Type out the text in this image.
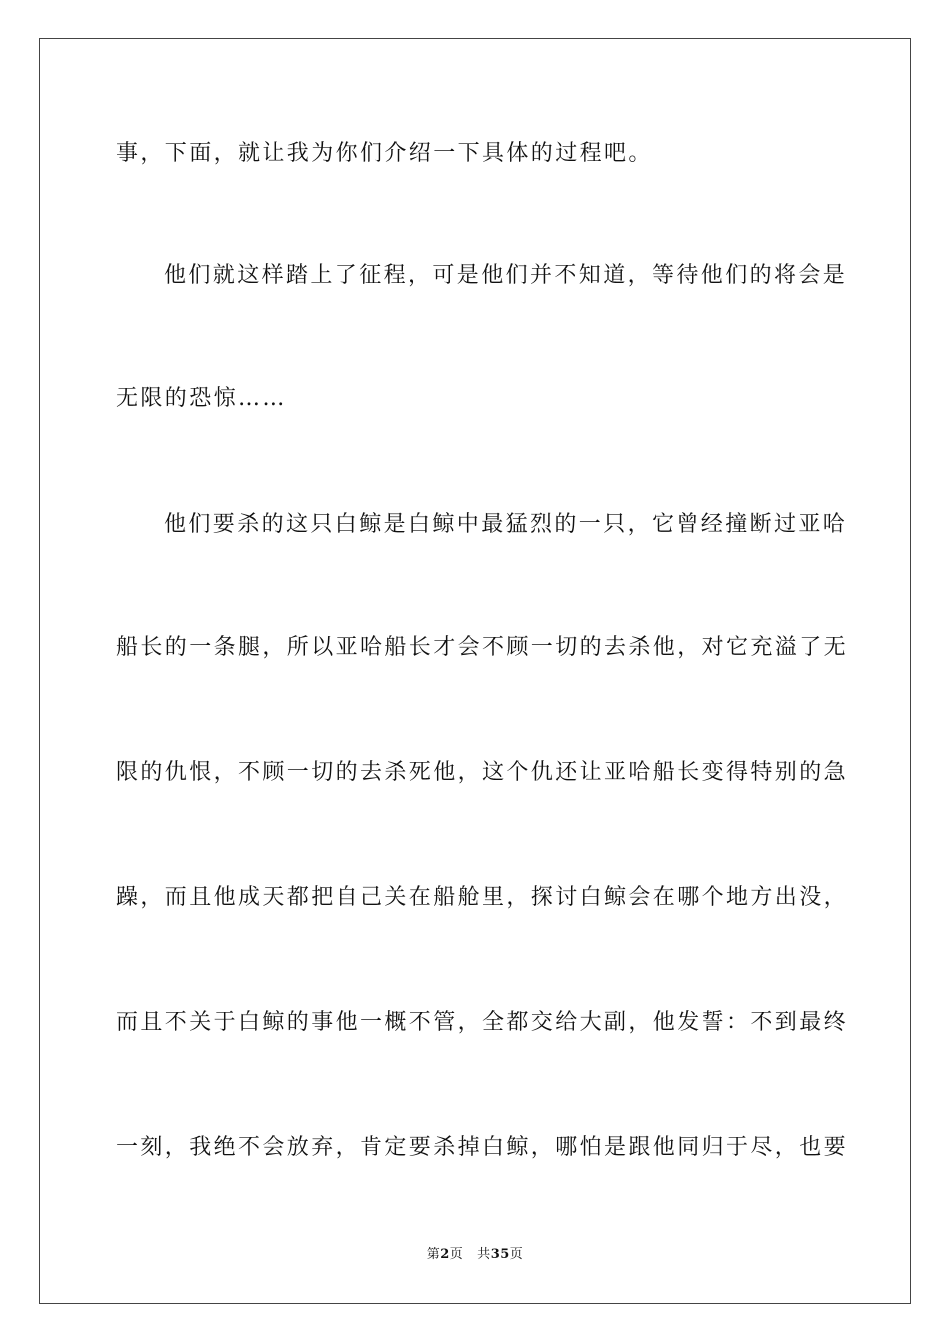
事，下面，就让我为你们介绍一下具体的过程吧。
他们就这样踏上了征程，可是他们并不知道，等待他们的将会是
无限的恐惊……
他们要杀的这只白鲸是白鲸中最猛烈的一只，它曾经撞断过亚哈
船长的一条腿，所以亚哈船长才会不顾一切的去杀他，对它充溢了无
限的仇恨，不顾一切的去杀死他，这个仇还让亚哈船长变得特别的急
躁，而且他成天都把自己关在船舱里，探讨白鲸会在哪个地方出没，
而且不关于白鲸的事他一概不管，全都交给大副，他发誓：不到最终
一刻，我绝不会放弃，肯定要杀掉白鲸，哪怕是跟他同归于尽，也要
第2页 共35页
